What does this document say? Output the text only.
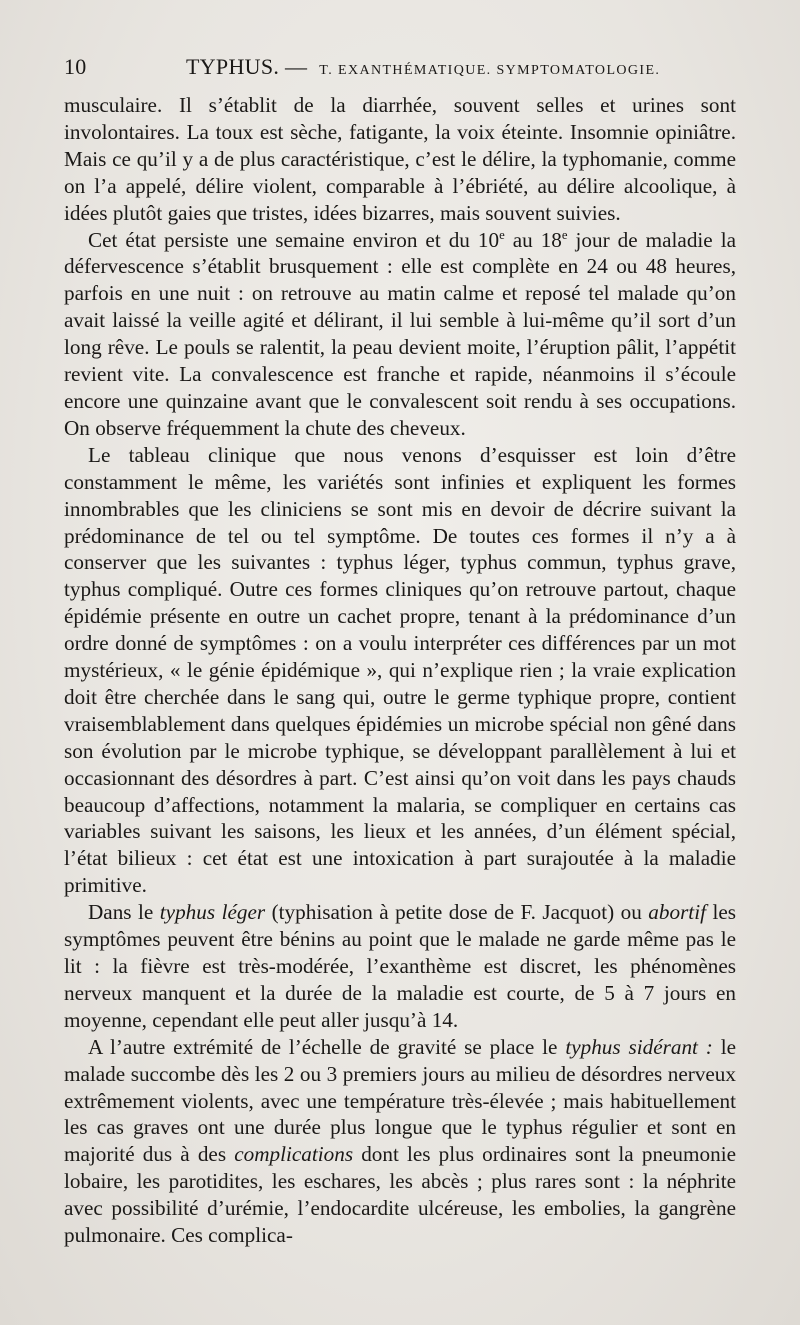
10	TYPHUS. — T. EXANTHÉMATIQUE. SYMPTOMATOLOGIE.

musculaire. Il s’établit de la diarrhée, souvent selles et urines sont involontaires. La toux est sèche, fatigante, la voix éteinte. Insomnie opiniâtre. Mais ce qu’il y a de plus caractéristique, c’est le délire, la typhomanie, comme on l’a appelé, délire violent, comparable à l’ébriété, au délire alcoolique, à idées plutôt gaies que tristes, idées bizarres, mais souvent suivies.

Cet état persiste une semaine environ et du 10e au 18e jour de maladie la défervescence s’établit brusquement : elle est complète en 24 ou 48 heures, parfois en une nuit : on retrouve au matin calme et reposé tel malade qu’on avait laissé la veille agité et délirant, il lui semble à lui-même qu’il sort d’un long rêve. Le pouls se ralentit, la peau devient moite, l’éruption pâlit, l’appétit revient vite. La convalescence est franche et rapide, néanmoins il s’écoule encore une quinzaine avant que le convalescent soit rendu à ses occupations. On observe fréquemment la chute des cheveux.

Le tableau clinique que nous venons d’esquisser est loin d’être constamment le même, les variétés sont infinies et expliquent les formes innombrables que les cliniciens se sont mis en devoir de décrire suivant la prédominance de tel ou tel symptôme. De toutes ces formes il n’y a à conserver que les suivantes : typhus léger, typhus commun, typhus grave, typhus compliqué. Outre ces formes cliniques qu’on retrouve partout, chaque épidémie présente en outre un cachet propre, tenant à la prédominance d’un ordre donné de symptômes : on a voulu interpréter ces différences par un mot mystérieux, « le génie épidémique », qui n’explique rien ; la vraie explication doit être cherchée dans le sang qui, outre le germe typhique propre, contient vraisemblablement dans quelques épidémies un microbe spécial non gêné dans son évolution par le microbe typhique, se développant parallèlement à lui et occasionnant des désordres à part. C’est ainsi qu’on voit dans les pays chauds beaucoup d’affections, notamment la malaria, se compliquer en certains cas variables suivant les saisons, les lieux et les années, d’un élément spécial, l’état bilieux : cet état est une intoxication à part surajoutée à la maladie primitive.

Dans le typhus léger (typhisation à petite dose de F. Jacquot) ou abortif les symptômes peuvent être bénins au point que le malade ne garde même pas le lit : la fièvre est très-modérée, l’exanthème est discret, les phénomènes nerveux manquent et la durée de la maladie est courte, de 5 à 7 jours en moyenne, cependant elle peut aller jusqu’à 14.

A l’autre extrémité de l’échelle de gravité se place le typhus sidérant : le malade succombe dès les 2 ou 3 premiers jours au milieu de désordres nerveux extrêmement violents, avec une température très-élevée ; mais habituellement les cas graves ont une durée plus longue que le typhus régulier et sont en majorité dus à des complications dont les plus ordinaires sont la pneumonie lobaire, les parotidites, les eschares, les abcès ; plus rares sont : la néphrite avec possibilité d’urémie, l’endocardite ulcéreuse, les embolies, la gangrène pulmonaire. Ces complica-
